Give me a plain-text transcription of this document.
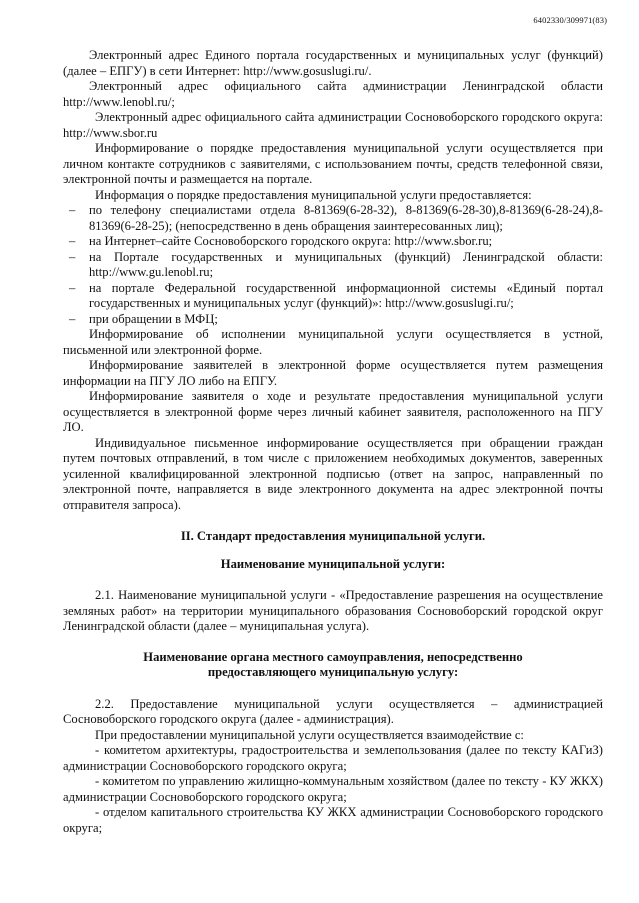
6402330/309971(83)

Электронный адрес Единого портала государственных и муниципальных услуг (функций) (далее – ЕПГУ) в сети Интернет: http://www.gosuslugi.ru/.

Электронный адрес официального сайта администрации Ленинградской области http://www.lenobl.ru/;

Электронный адрес официального сайта администрации Сосновоборского городского округа: http://www.sbor.ru

Информирование о порядке предоставления муниципальной услуги осуществляется при личном контакте сотрудников с заявителями, с использованием почты, средств телефонной связи, электронной почты и размещается на портале.

Информация о порядке предоставления муниципальной услуги предоставляется:

– по телефону специалистами отдела 8-81369(6-28-32), 8-81369(6-28-30),8-81369(6-28-24),8-81369(6-28-25); (непосредственно в день обращения заинтересованных лиц);
– на Интернет–сайте Сосновоборского городского округа: http://www.sbor.ru;
– на Портале государственных и муниципальных (функций) Ленинградской области: http://www.gu.lenobl.ru;
– на портале Федеральной государственной информационной системы «Единый портал государственных и муниципальных услуг (функций)»: http://www.gosuslugi.ru/;
– при обращении в МФЦ;

Информирование об исполнении муниципальной услуги осуществляется в устной, письменной или электронной форме.

Информирование заявителей в электронной форме осуществляется путем размещения информации на ПГУ ЛО либо на ЕПГУ.

Информирование заявителя о ходе и результате предоставления муниципальной услуги осуществляется в электронной форме через личный кабинет заявителя, расположенного на ПГУ ЛО.

Индивидуальное письменное информирование осуществляется при обращении граждан путем почтовых отправлений, в том числе с приложением необходимых документов, заверенных усиленной квалифицированной электронной подписью (ответ на запрос, направленный по электронной почте, направляется в виде электронного документа на адрес электронной почты отправителя запроса).

II. Стандарт предоставления муниципальной услуги.

Наименование муниципальной услуги:

2.1. Наименование муниципальной услуги - «Предоставление разрешения на осуществление земляных работ» на территории муниципального образования Сосновоборский городской округ Ленинградской области (далее – муниципальная услуга).

Наименование органа местного самоуправления, непосредственно

предоставляющего муниципальную услугу:

2.2. Предоставление муниципальной услуги осуществляется – администрацией Сосновоборского городского округа (далее - администрация).

При предоставлении муниципальной услуги осуществляется взаимодействие с:

- комитетом архитектуры, градостроительства и землепользования (далее по тексту КАГиЗ) администрации Сосновоборского городского округа;

- комитетом по управлению жилищно-коммунальным хозяйством (далее по тексту - КУ ЖКХ) администрации Сосновоборского городского округа;

- отделом капитального строительства КУ ЖКХ администрации Сосновоборского городского округа;
